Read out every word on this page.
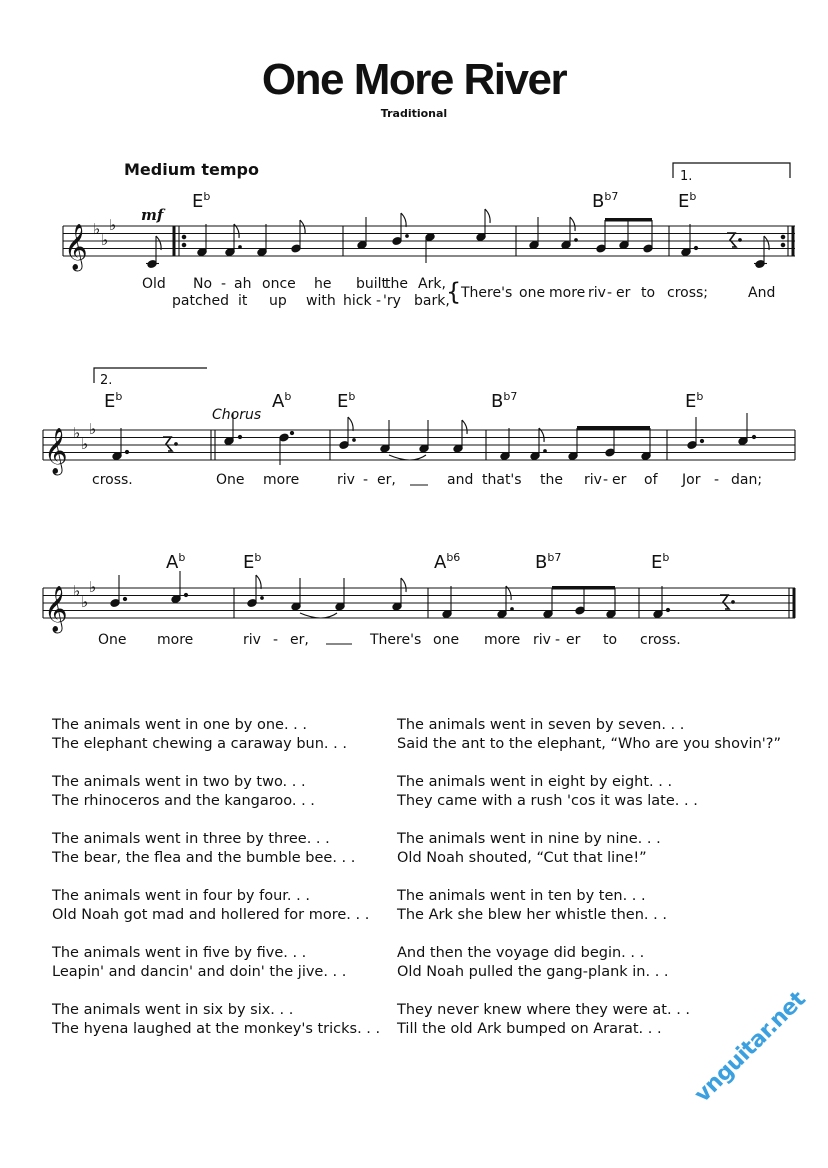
One More River
Traditional
Medium tempo
mf
Chorus
$E^b$	$B^{b7}$	$E^b$
$E^b$	$A^b$	$E^b$	$B^{b7}$	$E^b$
$A^b$	$E^b$	$A^{b6}$	$B^{b7}$	$E^b$
𝄞
𝄞
𝄞
♭
♭
♭
♭
♭
♭
♭
♭
♭
1.
2.
{
Old No - ah once he built
the Ark,
patched it up with hick - 'ry bark, There's one more riv - er to cross;	And
cross.	One more	riv - er,	and that's the riv - er of Jor - dan;
One more	riv - er,	There's one more riv - er to cross.
The animals went in one by one. . .
The elephant chewing a caraway bun. . .
The animals went in two by two. . .
The rhinoceros and the kangaroo. . .
The animals went in three by three. . .
The bear, the flea and the bumble bee. . .
The animals went in four by four. . .
Old Noah got mad and hollered for more. . .
The animals went in five by five. . .
Leapin' and dancin' and doin' the jive. . .
The animals went in six by six. . .
The hyena laughed at the monkey's tricks. . .
The animals went in seven by seven. . .
Said the ant to the elephant, “Who are you shovin'?”
The animals went in eight by eight. . .
They came with a rush 'cos it was late. . .
The animals went in nine by nine. . .
Old Noah shouted, “Cut that line!”
The animals went in ten by ten. . .
The Ark she blew her whistle then. . .
And then the voyage did begin. . .
Old Noah pulled the gang-plank in. . .
They never knew where they were at. . .
Till the old Ark bumped on Ararat. . .	vnguitar.net
